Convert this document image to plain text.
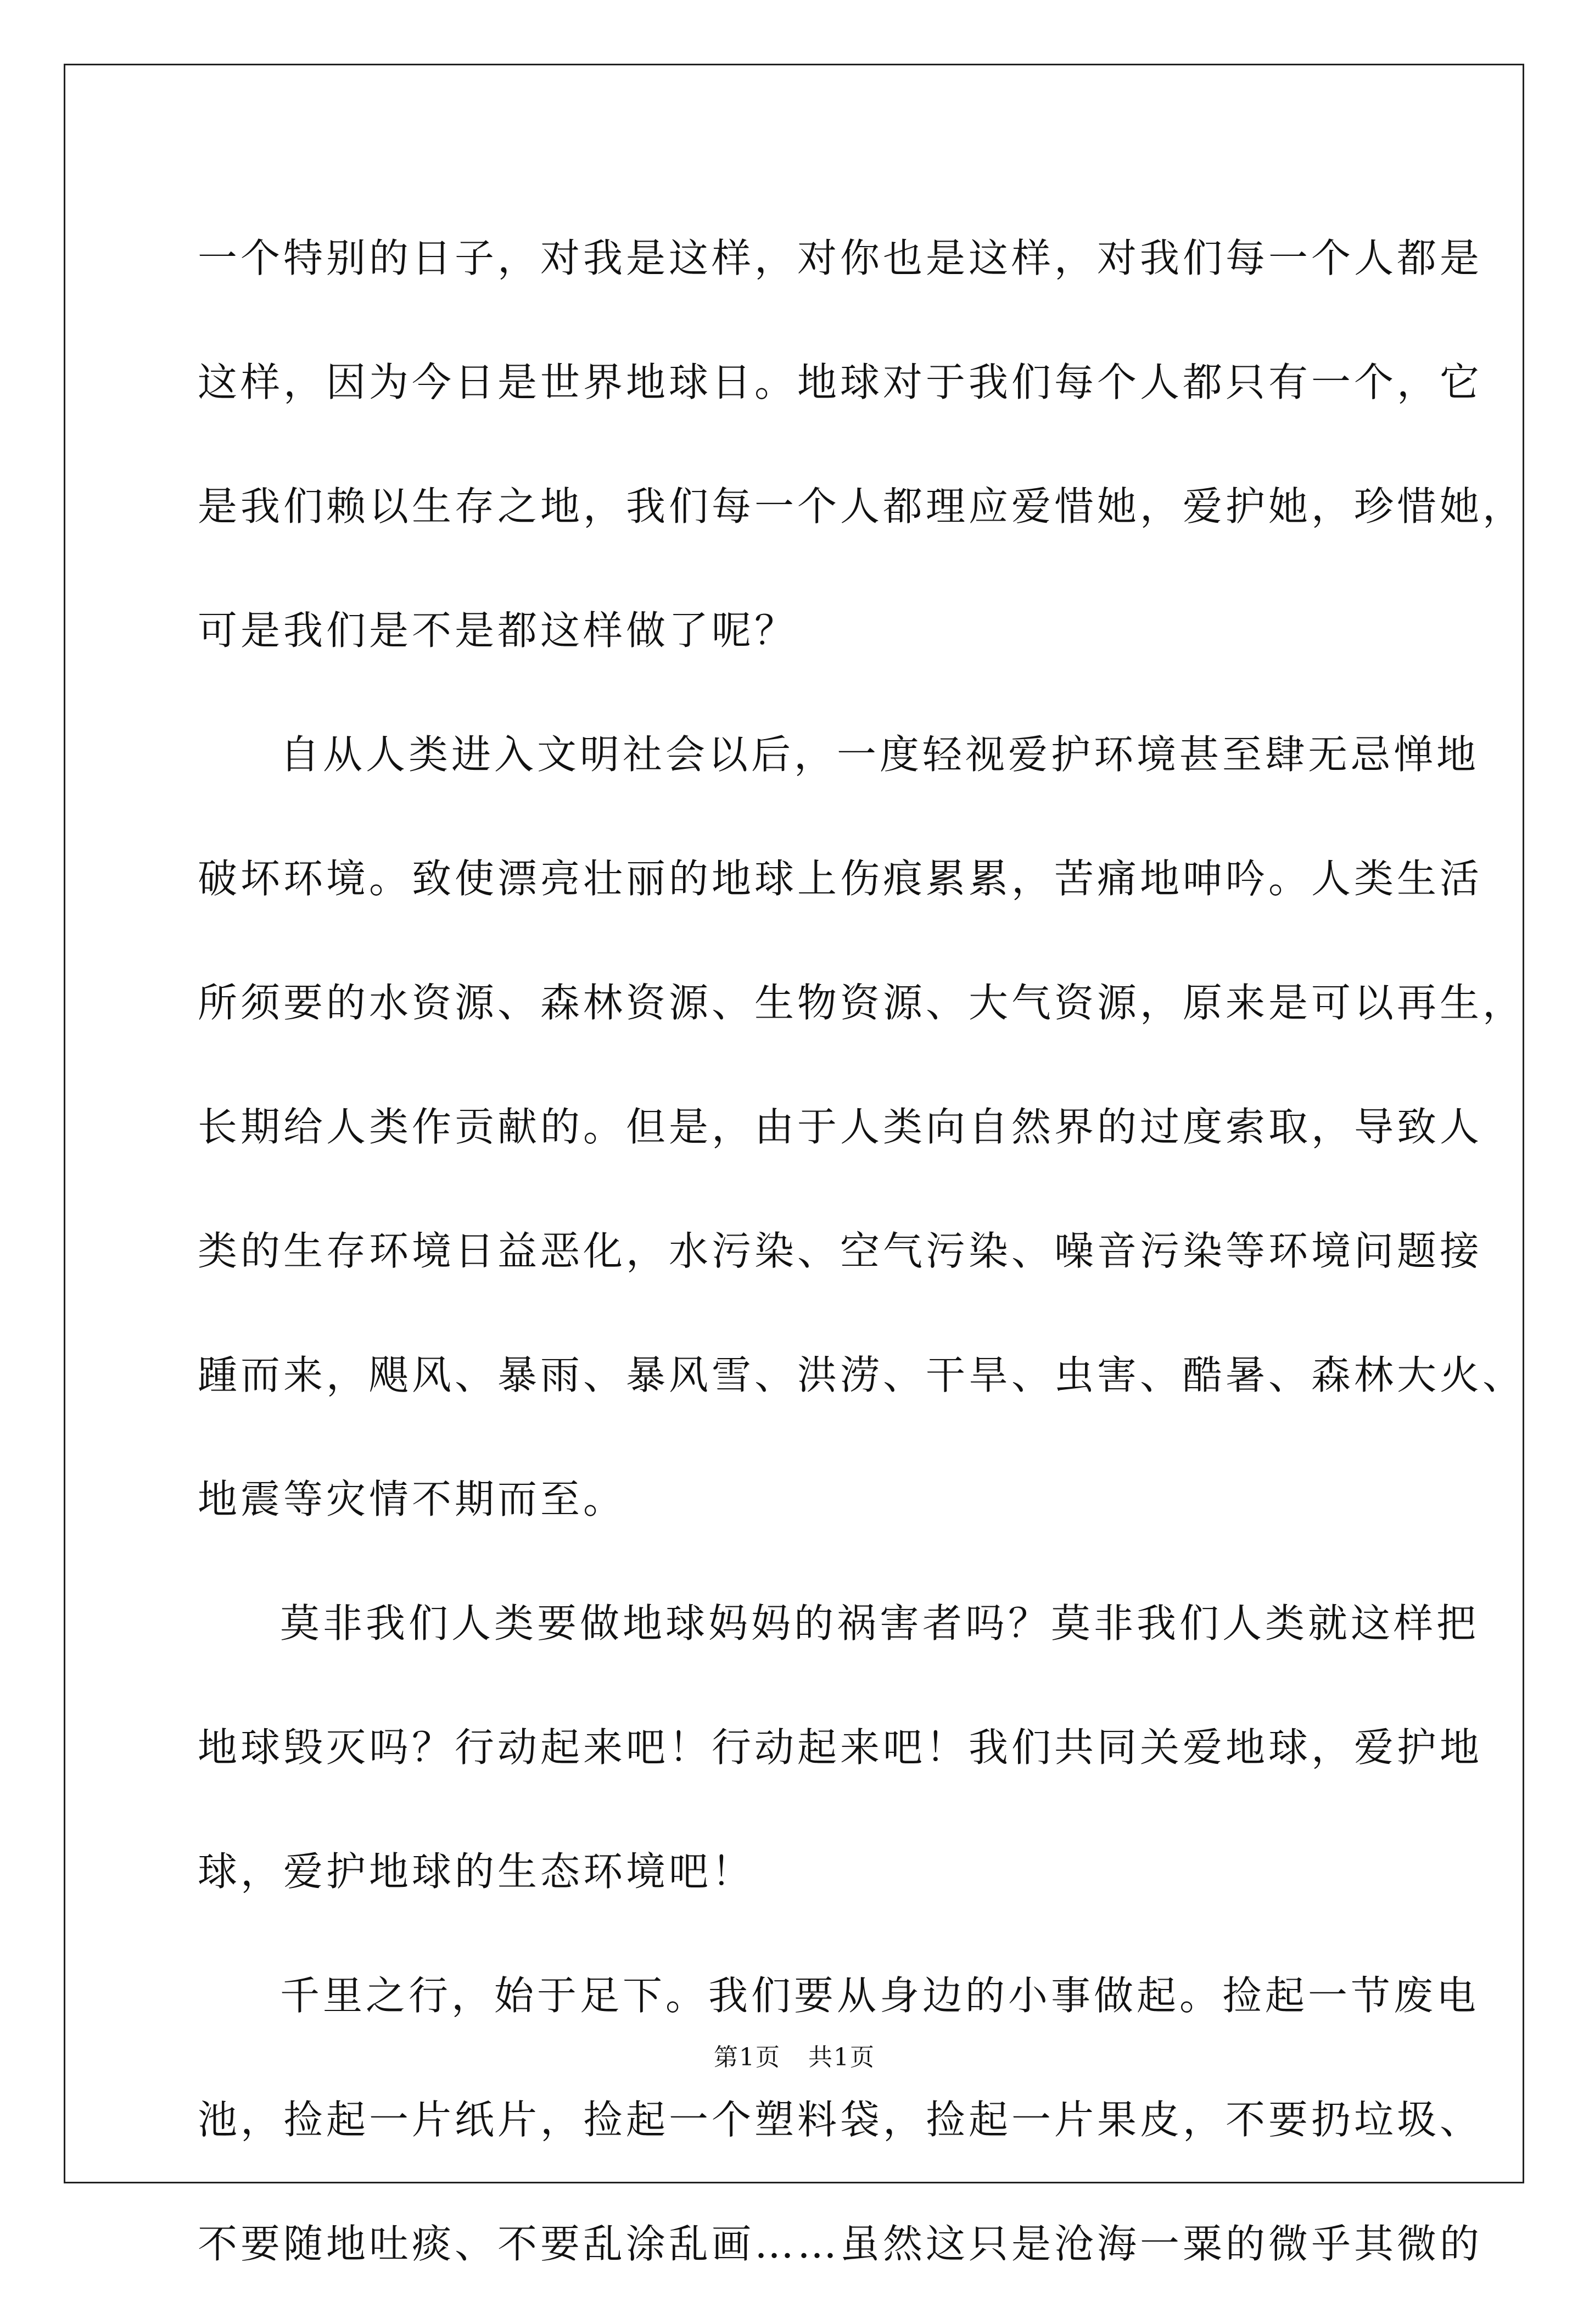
一个特别的日子，对我是这样，对你也是这样，对我们每一个人都是
这样，因为今日是世界地球日。地球对于我们每个人都只有一个，它
是我们赖以生存之地，我们每一个人都理应爱惜她，爱护她，珍惜她，
可是我们是不是都这样做了呢？
自从人类进入文明社会以后，一度轻视爱护环境甚至肆无忌惮地
破坏环境。致使漂亮壮丽的地球上伤痕累累，苦痛地呻吟。人类生活
所须要的水资源、森林资源、生物资源、大气资源，原来是可以再生，
长期给人类作贡献的。但是，由于人类向自然界的过度索取，导致人
类的生存环境日益恶化，水污染、空气污染、噪音污染等环境问题接
踵而来，飓风、暴雨、暴风雪、洪涝、干旱、虫害、酷暑、森林大火、
地震等灾情不期而至。
莫非我们人类要做地球妈妈的祸害者吗？莫非我们人类就这样把
地球毁灭吗？行动起来吧！行动起来吧！我们共同关爱地球，爱护地
球，爱护地球的生态环境吧！
千里之行，始于足下。我们要从身边的小事做起。捡起一节废电
池，捡起一片纸片，捡起一个塑料袋，捡起一片果皮，不要扔垃圾、
不要随地吐痰、不要乱涂乱画……虽然这只是沧海一粟的微乎其微的
第1页 共1页
